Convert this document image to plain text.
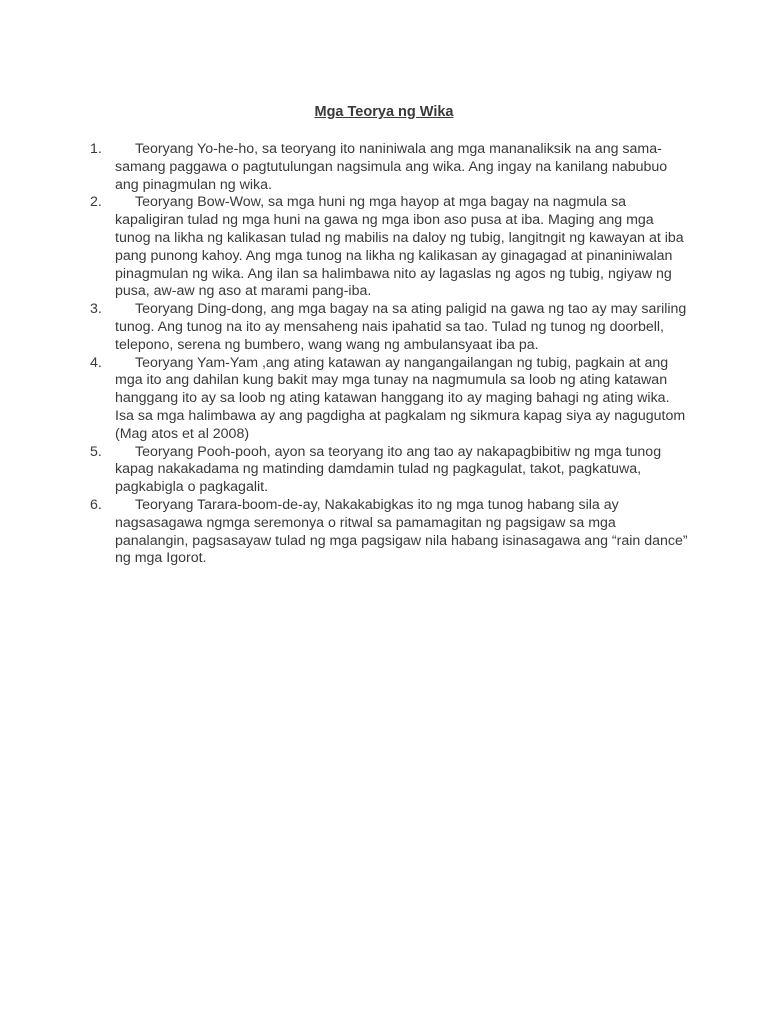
Mga Teorya ng Wika
1.	Teoryang Yo-he-ho, sa teoryang ito naniniwala ang mga mananaliksik na ang sama-samang paggawa o pagtutulungan nagsimula ang wika. Ang ingay na kanilang nabubuo ang pinagmulan ng wika.
2.	Teoryang Bow-Wow, sa mga huni ng mga hayop at mga bagay na nagmula sa kapaligiran tulad ng mga huni na gawa ng mga ibon aso pusa at iba. Maging ang mga tunog na likha ng kalikasan tulad ng mabilis na daloy ng tubig, langitngit ng kawayan at iba pang punong kahoy. Ang mga tunog na likha ng kalikasan ay ginagagad at pinaniniwalan pinagmulan ng wika. Ang ilan sa halimbawa nito ay lagaslas ng agos ng tubig, ngiyaw ng pusa, aw-aw ng aso at marami pang-iba.
3.	Teoryang Ding-dong, ang mga bagay na sa ating paligid na gawa ng tao ay may sariling tunog. Ang tunog na ito ay mensaheng nais ipahatid sa tao. Tulad ng tunog ng doorbell, telepono, serena ng bumbero, wang wang ng ambulansyaat iba pa.
4.	Teoryang Yam-Yam ,ang ating katawan ay nangangailangan ng tubig, pagkain at ang mga ito ang dahilan kung bakit may mga tunay na nagmumula sa loob ng ating katawan hanggang ito ay sa loob ng ating katawan hanggang ito ay maging bahagi ng ating wika. Isa sa mga halimbawa ay ang pagdigha at pagkalam ng sikmura kapag siya ay nagugutom (Mag atos et al 2008)
5.	Teoryang Pooh-pooh, ayon sa teoryang ito ang tao ay nakapagbibitiw ng mga tunog kapag nakakadama ng matinding damdamin tulad ng pagkagulat, takot, pagkatuwa, pagkabigla o pagkagalit.
6.	Teoryang Tarara-boom-de-ay, Nakakabigkas ito ng mga tunog habang sila ay nagsasagawa ngmga seremonya o ritwal sa pamamagitan ng pagsigaw sa mga panalangin, pagsasayaw tulad ng mga pagsigaw nila habang isinasagawa ang “rain dance” ng mga Igorot.
